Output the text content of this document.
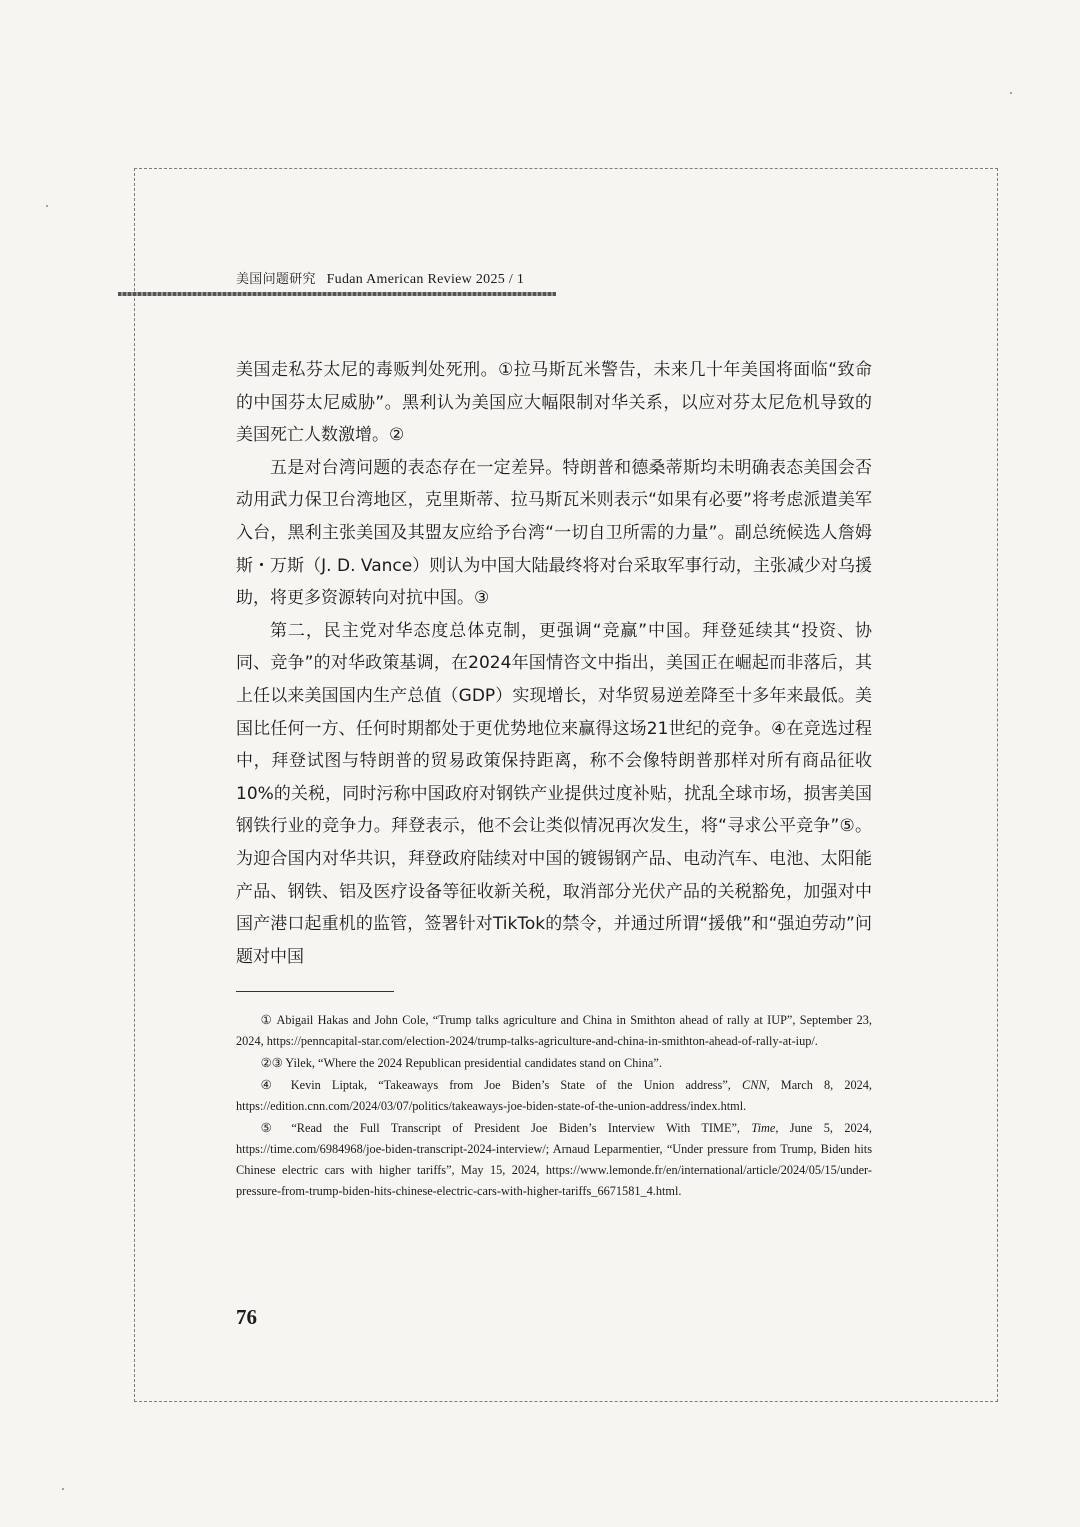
美国问题研究 Fudan American Review 2025 / 1

美国走私芬太尼的毒贩判处死刑。①拉马斯瓦米警告，未来几十年美国将面临“致命的中国芬太尼威胁”。黑利认为美国应大幅限制对华关系，以应对芬太尼危机导致的美国死亡人数激增。②

五是对台湾问题的表态存在一定差异。特朗普和德桑蒂斯均未明确表态美国会否动用武力保卫台湾地区，克里斯蒂、拉马斯瓦米则表示“如果有必要”将考虑派遣美军入台，黑利主张美国及其盟友应给予台湾“一切自卫所需的力量”。副总统候选人詹姆斯・万斯（J. D. Vance）则认为中国大陆最终将对台采取军事行动，主张减少对乌援助，将更多资源转向对抗中国。③

第二，民主党对华态度总体克制，更强调“竞赢”中国。拜登延续其“投资、协同、竞争”的对华政策基调，在2024年国情咨文中指出，美国正在崛起而非落后，其上任以来美国国内生产总值（GDP）实现增长，对华贸易逆差降至十多年来最低。美国比任何一方、任何时期都处于更优势地位来赢得这场21世纪的竞争。④在竞选过程中，拜登试图与特朗普的贸易政策保持距离，称不会像特朗普那样对所有商品征收10%的关税，同时污称中国政府对钢铁产业提供过度补贴，扰乱全球市场，损害美国钢铁行业的竞争力。拜登表示，他不会让类似情况再次发生，将“寻求公平竞争”⑤。为迎合国内对华共识，拜登政府陆续对中国的镀锡钢产品、电动汽车、电池、太阳能产品、钢铁、铝及医疗设备等征收新关税，取消部分光伏产品的关税豁免，加强对中国产港口起重机的监管，签署针对TikTok的禁令，并通过所谓“援俄”和“强迫劳动”问题对中国

① Abigail Hakas and John Cole, “Trump talks agriculture and China in Smithton ahead of rally at IUP”, September 23, 2024, https://penncapital-star.com/election-2024/trump-talks-agriculture-and-china-in-smithton-ahead-of-rally-at-iup/.

②③ Yilek, “Where the 2024 Republican presidential candidates stand on China”.

④ Kevin Liptak, “Takeaways from Joe Biden’s State of the Union address”, CNN, March 8, 2024, https://edition.cnn.com/2024/03/07/politics/takeaways-joe-biden-state-of-the-union-address/index.html.

⑤ “Read the Full Transcript of President Joe Biden’s Interview With TIME”, Time, June 5, 2024, https://time.com/6984968/joe-biden-transcript-2024-interview/; Arnaud Leparmentier, “Under pressure from Trump, Biden hits Chinese electric cars with higher tariffs”, May 15, 2024, https://www.lemonde.fr/en/international/article/2024/05/15/under-pressure-from-trump-biden-hits-chinese-electric-cars-with-higher-tariffs_6671581_4.html.

76
